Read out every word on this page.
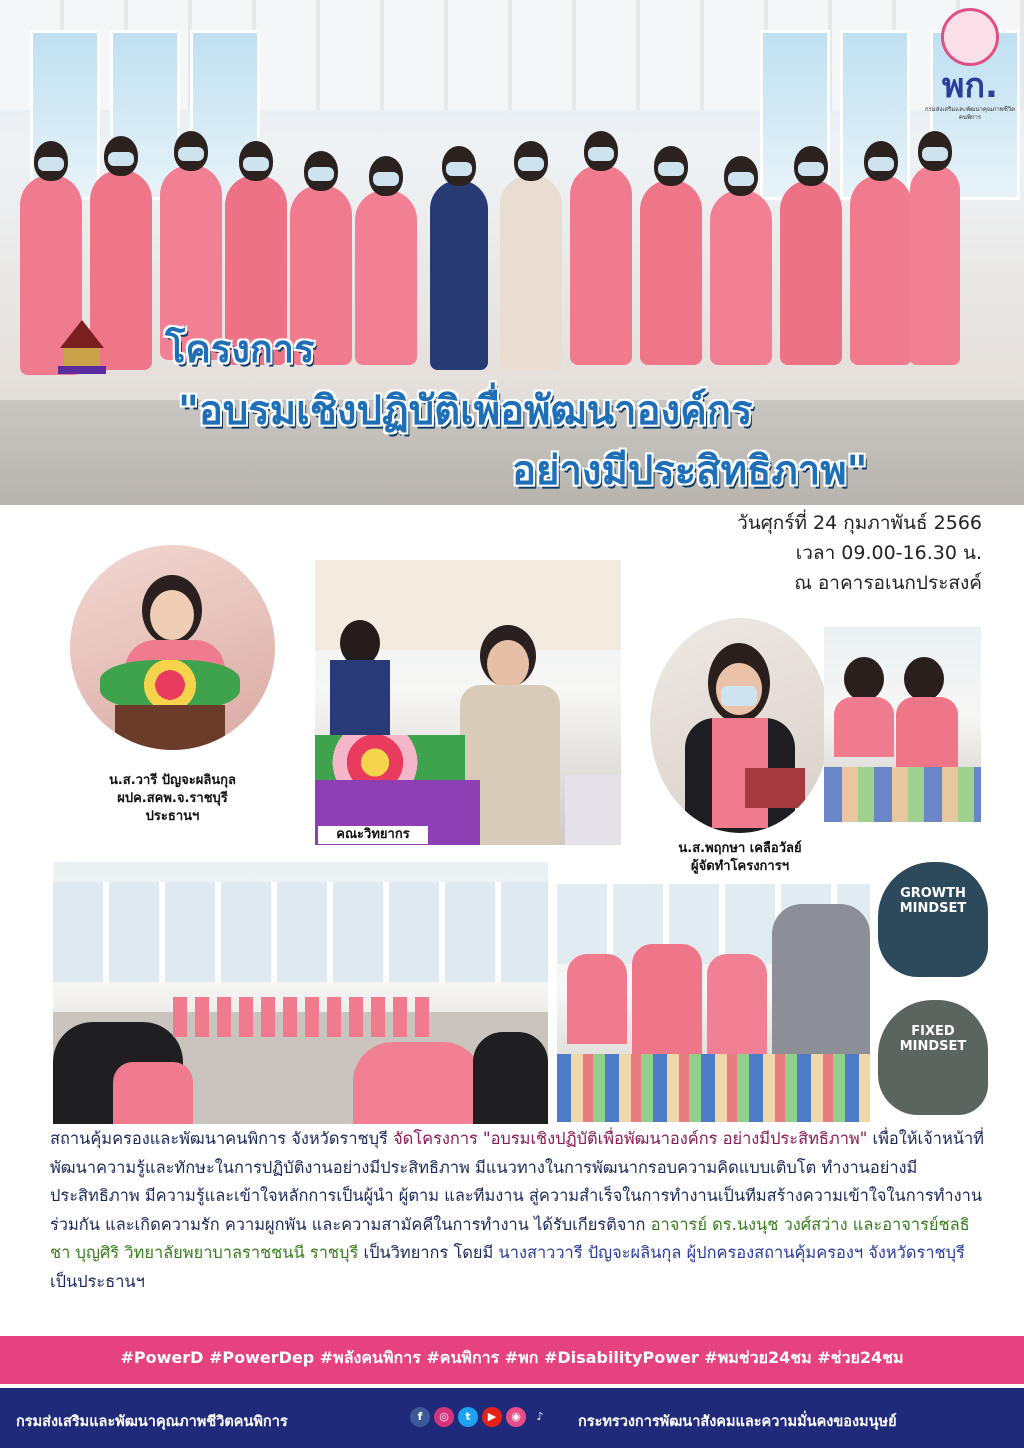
พก.
กรมส่งเสริมและพัฒนาคุณภาพชีวิตคนพิการ
โครงการ
"อบรมเชิงปฏิบัติเพื่อพัฒนาองค์กร
อย่างมีประสิทธิภาพ"
วันศุกร์ที่ 24 กุมภาพันธ์ 2566
เวลา 09.00-16.30 น.
ณ อาคารอเนกประสงค์
น.ส.วารี ปัญจะผลินกุล
ผปค.สคพ.จ.ราชบุรี
ประธานฯ
คณะวิทยากร
น.ส.พฤกษา เคลือวัลย์
ผู้จัดทำโครงการฯ
GROWTH MINDSET
FIXED MINDSET
สถานคุ้มครองและพัฒนาคนพิการ จังหวัดราชบุรี จัดโครงการ "อบรมเชิงปฏิบัติเพื่อพัฒนาองค์กร อย่างมีประสิทธิภาพ" เพื่อให้เจ้าหน้าที่พัฒนาความรู้และทักษะในการปฏิบัติงานอย่างมีประสิทธิภาพ มีแนวทางในการพัฒนากรอบความคิดแบบเติบโต ทำงานอย่างมีประสิทธิภาพ มีความรู้และเข้าใจหลักการเป็นผู้นำ ผู้ตาม และทีมงาน สู่ความสำเร็จในการทำงานเป็นทีมสร้างความเข้าใจในการทำงานร่วมกัน และเกิดความรัก ความผูกพัน และความสามัคคีในการทำงาน ได้รับเกียรติจาก อาจารย์ ดร.นงนุช วงศ์สว่าง และอาจารย์ชลธิชา บุญศิริ วิทยาลัยพยาบาลราชชนนี ราชบุรี เป็นวิทยากร โดยมี นางสาววารี ปัญจะผลินกุล ผู้ปกครองสถานคุ้มครองฯ จังหวัดราชบุรี เป็นประธานฯ
#PowerD #PowerDep #พลังคนพิการ #คนพิการ #พก #DisabilityPower #พมช่วย24ชม #ช่วย24ชม
กรมส่งเสริมและพัฒนาคุณภาพชีวิตคนพิการ	f	◎	t	▶	◉	♪	กระทรวงการพัฒนาสังคมและความมั่นคงของมนุษย์
